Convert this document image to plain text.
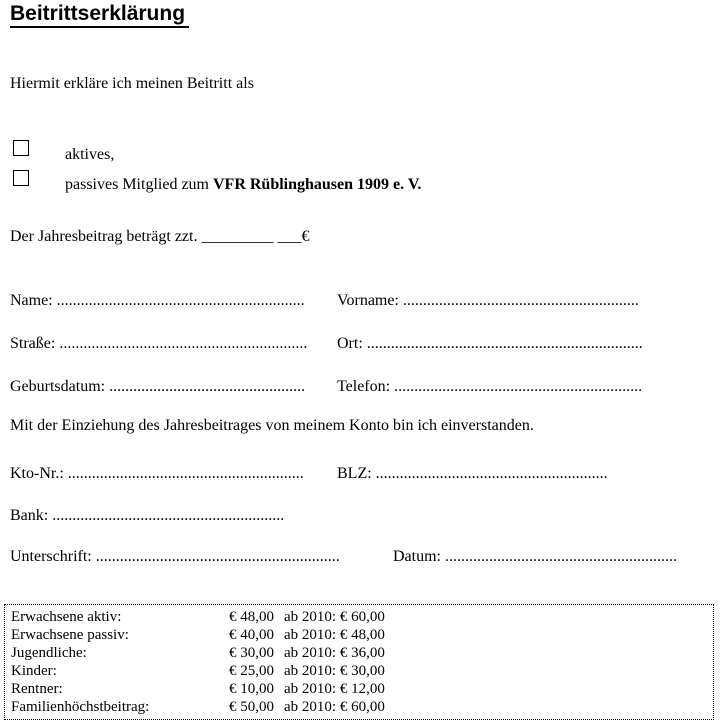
Beitrittserklärung
Hiermit erkläre ich meinen Beitritt als
aktives,
passives Mitglied zum VFR Rüblinghausen 1909 e. V.
Der Jahresbeitrag beträgt zzt. _________ ___€
Name: .............................................................. Vorname: ...........................................................
Straße: .............................................................. Ort: .....................................................................
Geburtsdatum: ................................................. Telefon: ..............................................................
Mit der Einziehung des Jahresbeitrages von meinem Konto bin ich einverstanden.
Kto-Nr.: ........................................................... BLZ: ..........................................................
Bank: ..........................................................
Unterschrift: .............................................................	Datum: ..........................................................
Erwachsene aktiv:	€ 48,00 ab 2010: € 60,00
Erwachsene passiv:	€ 40,00 ab 2010: € 48,00
Jugendliche:	€ 30,00 ab 2010: € 36,00
Kinder:	€ 25,00 ab 2010: € 30,00
Rentner:	€ 10,00 ab 2010: € 12,00
Familienhöchstbeitrag:	€ 50,00 ab 2010: € 60,00
